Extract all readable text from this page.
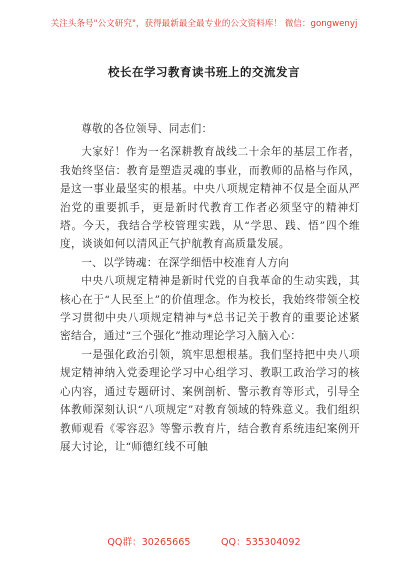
关注头条号"公文研究"，获得最新最全最专业的公文资料库！ 微信：gongwenyj
校长在学习教育读书班上的交流发言

尊敬的各位领导、同志们：

大家好！作为一名深耕教育战线二十余年的基层工作者，我始终坚信：教育是塑造灵魂的事业，而教师的品格与作风，是这一事业最坚实的根基。中央八项规定精神不仅是全面从严治党的重要抓手，更是新时代教育工作者必须坚守的精神灯塔。今天，我结合学校管理实践，从“学思、践、悟”四个维度，谈谈如何以清风正气护航教育高质量发展。

一、以学铸魂：在深学细悟中校准育人方向

中央八项规定精神是新时代党的自我革命的生动实践，其核心在于“人民至上”的价值理念。作为校长，我始终带领全校学习贯彻中央八项规定精神与*总书记关于教育的重要论述紧密结合，通过“三个强化”推动理论学习入脑入心：

一是强化政治引领，筑牢思想根基。我们坚持把中央八项规定精神纳入党委理论学习中心组学习、教职工政治学习的核心内容，通过专题研讨、案例剖析、警示教育等形式，引导全体教师深刻认识“八项规定”对教育领域的特殊意义。我们组织教师观看《零容忍》等警示教育片，结合教育系统违纪案例开展大讨论，让“师德红线不可触

QQ群：30265665	QQ：535304092
